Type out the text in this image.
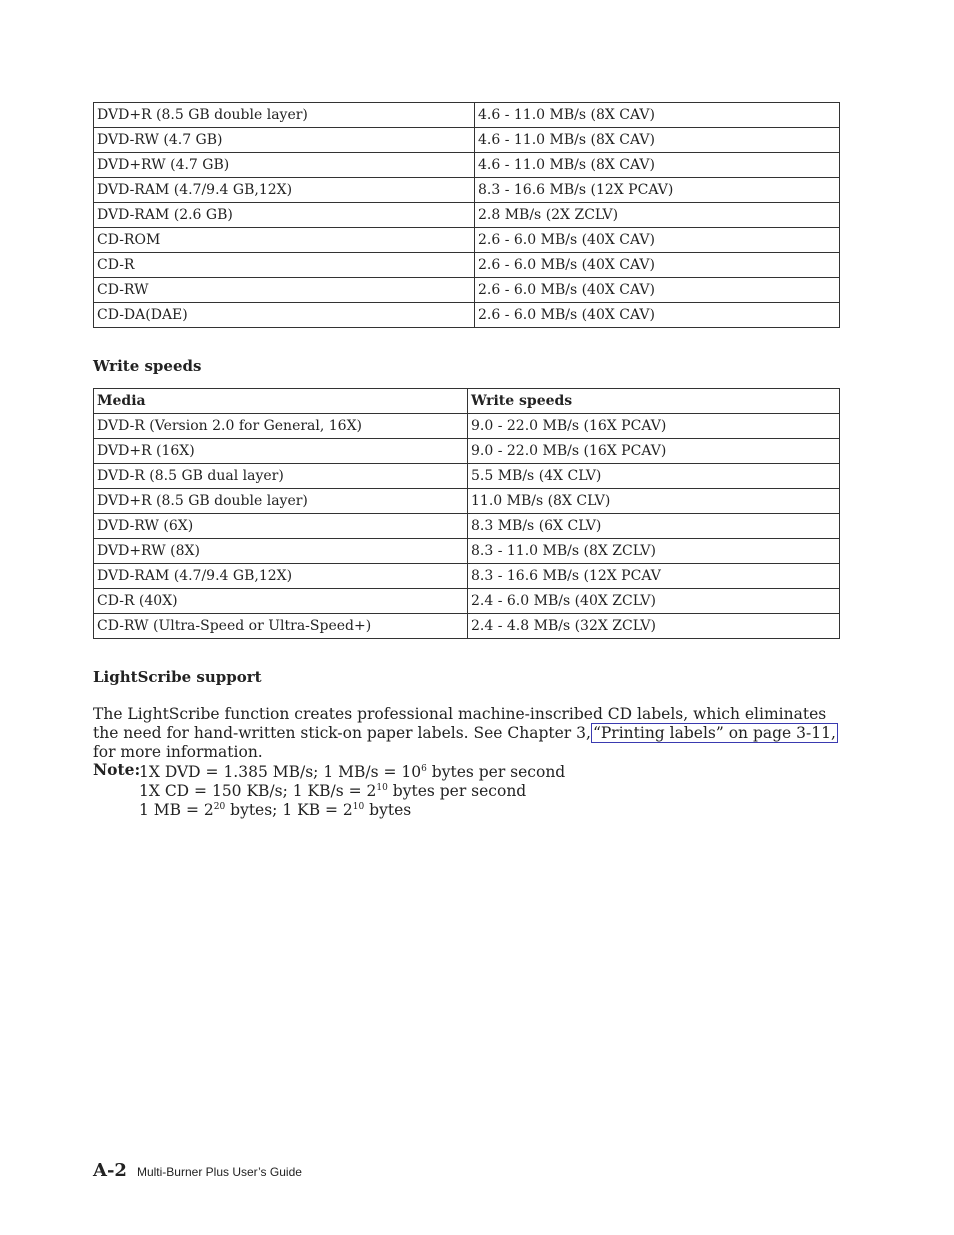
DVD+R (8.5 GB double layer)	4.6 - 11.0 MB/s (8X CAV)
DVD-RW (4.7 GB)	4.6 - 11.0 MB/s (8X CAV)
DVD+RW (4.7 GB)	4.6 - 11.0 MB/s (8X CAV)
DVD-RAM (4.7/9.4 GB,12X)	8.3 - 16.6 MB/s (12X PCAV)
DVD-RAM (2.6 GB)	2.8 MB/s (2X ZCLV)
CD-ROM	2.6 - 6.0 MB/s (40X CAV)
CD-R	2.6 - 6.0 MB/s (40X CAV)
CD-RW	2.6 - 6.0 MB/s (40X CAV)
CD-DA(DAE)	2.6 - 6.0 MB/s (40X CAV)
Write speeds
Media	Write speeds
DVD-R (Version 2.0 for General, 16X)	9.0 - 22.0 MB/s (16X PCAV)
DVD+R (16X)	9.0 - 22.0 MB/s (16X PCAV)
DVD-R (8.5 GB dual layer)	5.5 MB/s (4X CLV)
DVD+R (8.5 GB double layer)	11.0 MB/s (8X CLV)
DVD-RW (6X)	8.3 MB/s (6X CLV)
DVD+RW (8X)	8.3 - 11.0 MB/s (8X ZCLV)
DVD-RAM (4.7/9.4 GB,12X)	8.3 - 16.6 MB/s (12X PCAV
CD-R (40X)	2.4 - 6.0 MB/s (40X ZCLV)
CD-RW (Ultra-Speed or Ultra-Speed+)	2.4 - 4.8 MB/s (32X ZCLV)
LightScribe support
The LightScribe function creates professional machine-inscribed CD labels, which eliminates the need for hand-written stick-on paper labels. See Chapter 3, “Printing labels” on page 3-11, for more information.
Note:
1X DVD = 1.385 MB/s; 1 $MB/s = 10^6$ bytes per second
1X CD = 150 KB/s; 1 $KB/s = 2^{10}$ bytes per second
1 MB = $2^{20}$ bytes; 1 KB = $2^{10}$ bytes
A-2 Multi-Burner Plus User’s Guide
